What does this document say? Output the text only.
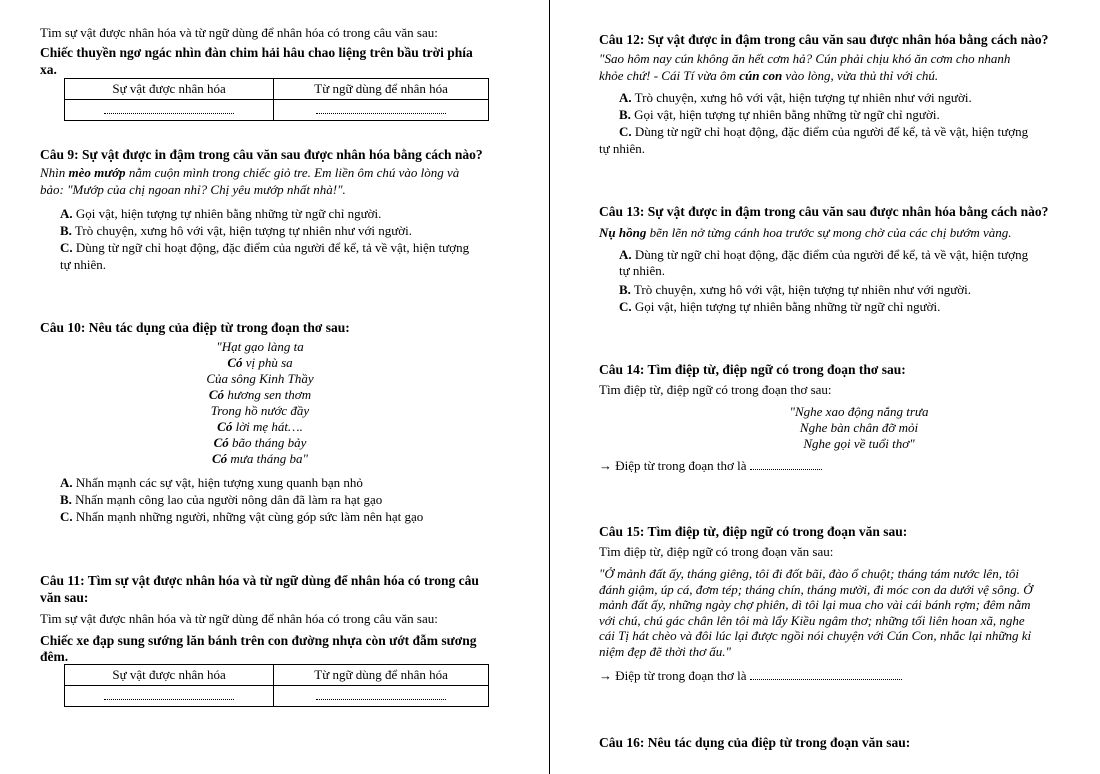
Tìm sự vật được nhân hóa và từ ngữ dùng để nhân hóa có trong câu văn sau:

Chiếc thuyền ngơ ngác nhìn đàn chim hải hâu chao liệng trên bầu trời phía

xa.

Sự vật được nhân hóa	Từ ngữ dùng để nhân hóa

Câu 9: Sự vật được in đậm trong câu văn sau được nhân hóa bằng cách nào?

Nhìn mèo mướp nằm cuộn mình trong chiếc giỏ tre. Em liền ôm chú vào lòng và

bảo: "Mướp của chị ngoan nhỉ? Chị yêu mướp nhất nhà!".

A. Gọi vật, hiện tượng tự nhiên bằng những từ ngữ chỉ người.

B. Trò chuyện, xưng hô với vật, hiện tượng tự nhiên như với người.

C. Dùng từ ngữ chỉ hoạt động, đặc điểm của người để kể, tả về vật, hiện tượng

tự nhiên.

Câu 10: Nêu tác dụng của điệp từ trong đoạn thơ sau:

"Hạt gạo làng ta
Có vị phù sa
Của sông Kinh Thầy
Có hương sen thơm
Trong hồ nước đầy
Có lời mẹ hát….
Có bão tháng bảy
Có mưa tháng ba"

A. Nhấn mạnh các sự vật, hiện tượng xung quanh bạn nhỏ

B. Nhấn mạnh công lao của người nông dân đã làm ra hạt gạo

C. Nhấn mạnh những người, những vật cùng góp sức làm nên hạt gạo

Câu 11: Tìm sự vật được nhân hóa và từ ngữ dùng để nhân hóa có trong câu

văn sau:

Tìm sự vật được nhân hóa và từ ngữ dùng để nhân hóa có trong câu văn sau:

Chiếc xe đạp sung sướng lăn bánh trên con đường nhựa còn ướt đẫm sương

đêm.

Sự vật được nhân hóa	Từ ngữ dùng để nhân hóa

Câu 12: Sự vật được in đậm trong câu văn sau được nhân hóa bằng cách nào?

"Sao hôm nay cún không ăn hết cơm hả? Cún phải chịu khó ăn cơm cho nhanh

khỏe chứ! - Cái Tí vừa ôm cún con vào lòng, vừa thủ thỉ với chú.

A. Trò chuyện, xưng hô với vật, hiện tượng tự nhiên như với người.

B. Gọi vật, hiện tượng tự nhiên bằng những từ ngữ chỉ người.

C. Dùng từ ngữ chỉ hoạt động, đặc điểm của người để kể, tả về vật, hiện tượng

tự nhiên.

Câu 13: Sự vật được in đậm trong câu văn sau được nhân hóa bằng cách nào?

Nụ hồng bẽn lẽn nở từng cánh hoa trước sự mong chờ của các chị bướm vàng.

A. Dùng từ ngữ chỉ hoạt động, đặc điểm của người để kể, tả về vật, hiện tượng

tự nhiên.

B. Trò chuyện, xưng hô với vật, hiện tượng tự nhiên như với người.

C. Gọi vật, hiện tượng tự nhiên bằng những từ ngữ chỉ người.

Câu 14: Tìm điệp từ, điệp ngữ có trong đoạn thơ sau:

Tìm điệp từ, điệp ngữ có trong đoạn thơ sau:

"Nghe xao động nắng trưa
Nghe bàn chân đỡ mỏi
Nghe gọi về tuổi thơ"

→ Điệp từ trong đoạn thơ là

Câu 15: Tìm điệp từ, điệp ngữ có trong đoạn văn sau:

Tìm điệp từ, điệp ngữ có trong đoạn văn sau:

"Ở mảnh đất ấy, tháng giêng, tôi đi đốt bãi, đào ổ chuột; tháng tám nước lên, tôi
đánh giậm, úp cá, đơm tép; tháng chín, tháng mười, đi móc con da dưới vệ sông. Ở
mảnh đất ấy, những ngày chợ phiên, dì tôi lại mua cho vài cái bánh rợm; đêm nằm
với chú, chú gác chân lên tôi mà lẩy Kiều ngâm thơ; những tối liên hoan xã, nghe
cái Tị hát chèo và đôi lúc lại được ngồi nói chuyện với Cún Con, nhắc lại những kỉ
niệm đẹp đẽ thời thơ ấu."

→ Điệp từ trong đoạn thơ là

Câu 16: Nêu tác dụng của điệp từ trong đoạn văn sau:
